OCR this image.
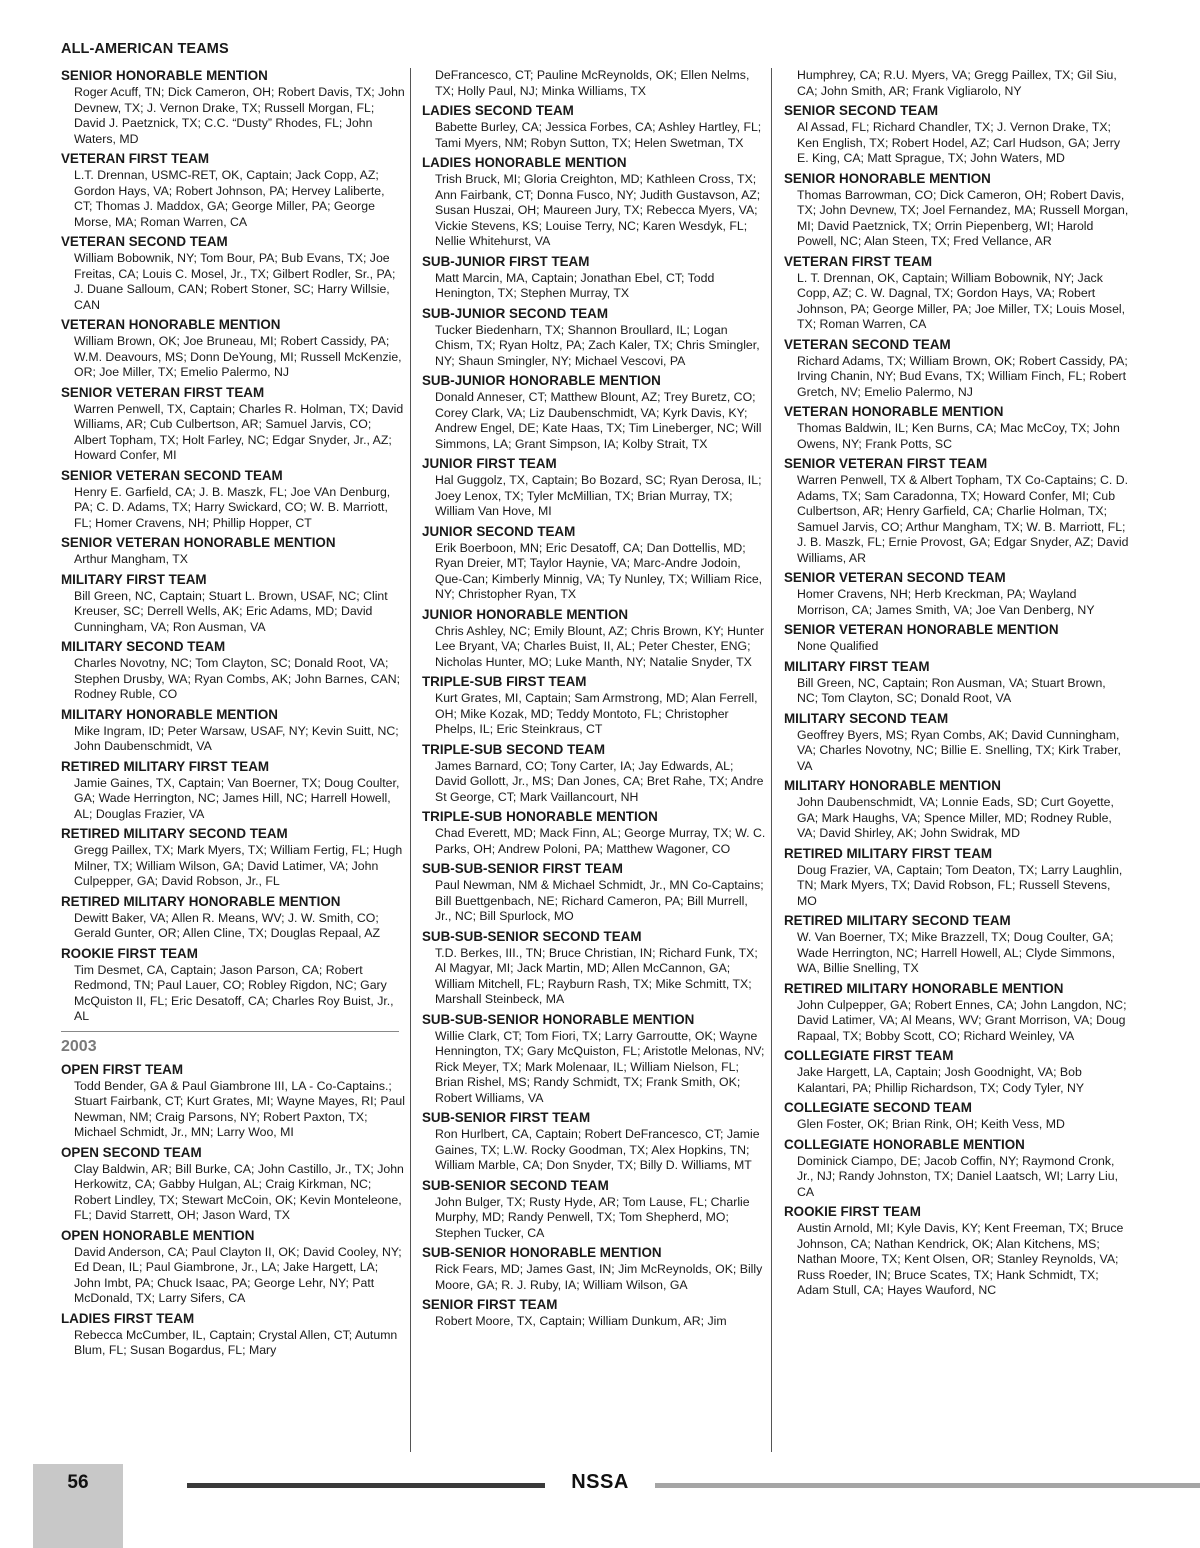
ALL-AMERICAN TEAMS
SENIOR HONORABLE MENTION
Roger Acuff, TN; Dick Cameron, OH; Robert Davis, TX; John Devnew, TX; J. Vernon Drake, TX; Russell Morgan, FL; David J. Paetznick, TX; C.C. “Dusty” Rhodes, FL; John Waters, MD
VETERAN FIRST TEAM
L.T. Drennan, USMC-RET, OK, Captain; Jack Copp, AZ; Gordon Hays, VA; Robert Johnson, PA; Hervey Laliberte, CT; Thomas J. Maddox, GA; George Miller, PA; George Morse, MA; Roman Warren, CA
VETERAN SECOND TEAM
William Bobownik, NY; Tom Bour, PA; Bub Evans, TX; Joe Freitas, CA; Louis C. Mosel, Jr., TX; Gilbert Rodler, Sr., PA; J. Duane Salloum, CAN; Robert Stoner, SC; Harry Willsie, CAN
VETERAN HONORABLE MENTION
William Brown, OK; Joe Bruneau, MI; Robert Cassidy, PA; W.M. Deavours, MS; Donn DeYoung, MI; Russell McKenzie, OR; Joe Miller, TX; Emelio Palermo, NJ
SENIOR VETERAN FIRST TEAM
Warren Penwell, TX, Captain; Charles R. Holman, TX; David Williams, AR; Cub Culbertson, AR; Samuel Jarvis, CO; Albert Topham, TX; Holt Farley, NC; Edgar Snyder, Jr., AZ; Howard Confer, MI
SENIOR VETERAN SECOND TEAM
Henry E. Garfield, CA; J. B. Maszk, FL; Joe VAn Denburg, PA; C. D. Adams, TX; Harry Swickard, CO; W. B. Marriott, FL; Homer Cravens, NH; Phillip Hopper, CT
SENIOR VETERAN HONORABLE MENTION
Arthur Mangham, TX
MILITARY FIRST TEAM
Bill Green, NC, Captain; Stuart L. Brown, USAF, NC; Clint Kreuser, SC; Derrell Wells, AK; Eric Adams, MD; David Cunningham, VA; Ron Ausman, VA
MILITARY SECOND TEAM
Charles Novotny, NC; Tom Clayton, SC; Donald Root, VA; Stephen Drusby, WA; Ryan Combs, AK; John Barnes, CAN; Rodney Ruble, CO
MILITARY HONORABLE MENTION
Mike Ingram, ID; Peter Warsaw, USAF, NY; Kevin Suitt, NC; John Daubenschmidt, VA
RETIRED MILITARY FIRST TEAM
Jamie Gaines, TX, Captain; Van Boerner, TX; Doug Coulter, GA; Wade Herrington, NC; James Hill, NC; Harrell Howell, AL; Douglas Frazier, VA
RETIRED MILITARY SECOND TEAM
Gregg Paillex, TX; Mark Myers, TX; William Fertig, FL; Hugh Milner, TX; William Wilson, GA; David Latimer, VA; John Culpepper, GA; David Robson, Jr., FL
RETIRED MILITARY HONORABLE MENTION
Dewitt Baker, VA; Allen R. Means, WV; J. W. Smith, CO; Gerald Gunter, OR; Allen Cline, TX; Douglas Repaal, AZ
ROOKIE FIRST TEAM
Tim Desmet, CA, Captain; Jason Parson, CA; Robert Redmond, TN; Paul Lauer, CO; Robley Rigdon, NC; Gary McQuiston II, FL; Eric Desatoff, CA; Charles Roy Buist, Jr., AL
2003
OPEN FIRST TEAM
Todd Bender, GA & Paul Giambrone III, LA - Co-Captains.; Stuart Fairbank, CT; Kurt Grates, MI; Wayne Mayes, RI; Paul Newman, NM; Craig Parsons, NY; Robert Paxton, TX; Michael Schmidt, Jr., MN; Larry Woo, MI
OPEN SECOND TEAM
Clay Baldwin, AR; Bill Burke, CA; John Castillo, Jr., TX; John Herkowitz, CA; Gabby Hulgan, AL; Craig Kirkman, NC; Robert Lindley, TX; Stewart McCoin, OK; Kevin Monteleone, FL; David Starrett, OH; Jason Ward, TX
OPEN HONORABLE MENTION
David Anderson, CA; Paul Clayton II, OK; David Cooley, NY; Ed Dean, IL; Paul Giambrone, Jr., LA; Jake Hargett, LA; John Imbt, PA; Chuck Isaac, PA; George Lehr, NY; Patt McDonald, TX; Larry Sifers, CA
LADIES FIRST TEAM
Rebecca McCumber, IL, Captain; Crystal Allen, CT; Autumn Blum, FL; Susan Bogardus, FL; Mary
DeFrancesco, CT; Pauline McReynolds, OK; Ellen Nelms, TX; Holly Paul, NJ; Minka Williams, TX
LADIES SECOND TEAM
Babette Burley, CA; Jessica Forbes, CA; Ashley Hartley, FL; Tami Myers, NM; Robyn Sutton, TX; Helen Swetman, TX
LADIES HONORABLE MENTION
Trish Bruck, MI; Gloria Creighton, MD; Kathleen Cross, TX; Ann Fairbank, CT; Donna Fusco, NY; Judith Gustavson, AZ; Susan Huszai, OH; Maureen Jury, TX; Rebecca Myers, VA; Vickie Stevens, KS; Louise Terry, NC; Karen Wesdyk, FL; Nellie Whitehurst, VA
SUB-JUNIOR FIRST TEAM
Matt Marcin, MA, Captain; Jonathan Ebel, CT; Todd Henington, TX; Stephen Murray, TX
SUB-JUNIOR SECOND TEAM
Tucker Biedenharn, TX; Shannon Broullard, IL; Logan Chism, TX; Ryan Holtz, PA; Zach Kaler, TX; Chris Smingler, NY; Shaun Smingler, NY; Michael Vescovi, PA
SUB-JUNIOR HONORABLE MENTION
Donald Anneser, CT; Matthew Blount, AZ; Trey Buretz, CO; Corey Clark, VA; Liz Daubenschmidt, VA; Kyrk Davis, KY; Andrew Engel, DE; Kate Haas, TX; Tim Lineberger, NC; Will Simmons, LA; Grant Simpson, IA; Kolby Strait, TX
JUNIOR FIRST TEAM
Hal Guggolz, TX, Captain; Bo Bozard, SC; Ryan Derosa, IL; Joey Lenox, TX; Tyler McMillian, TX; Brian Murray, TX; William Van Hove, MI
JUNIOR SECOND TEAM
Erik Boerboon, MN; Eric Desatoff, CA; Dan Dottellis, MD; Ryan Dreier, MT; Taylor Haynie, VA; Marc-Andre Jodoin, Que-Can; Kimberly Minnig, VA; Ty Nunley, TX; William Rice, NY; Christopher Ryan, TX
JUNIOR HONORABLE MENTION
Chris Ashley, NC; Emily Blount, AZ; Chris Brown, KY; Hunter Lee Bryant, VA; Charles Buist, II, AL; Peter Chester, ENG; Nicholas Hunter, MO; Luke Manth, NY; Natalie Snyder, TX
TRIPLE-SUB FIRST TEAM
Kurt Grates, MI, Captain; Sam Armstrong, MD; Alan Ferrell, OH; Mike Kozak, MD; Teddy Montoto, FL; Christopher Phelps, IL; Eric Steinkraus, CT
TRIPLE-SUB SECOND TEAM
James Barnard, CO; Tony Carter, IA; Jay Edwards, AL; David Gollott, Jr., MS; Dan Jones, CA; Bret Rahe, TX; Andre St George, CT; Mark Vaillancourt, NH
TRIPLE-SUB HONORABLE MENTION
Chad Everett, MD; Mack Finn, AL; George Murray, TX; W. C. Parks, OH; Andrew Poloni, PA; Matthew Wagoner, CO
SUB-SUB-SENIOR FIRST TEAM
Paul Newman, NM & Michael Schmidt, Jr., MN Co-Captains; Bill Buettgenbach, NE; Richard Cameron, PA; Bill Murrell, Jr., NC; Bill Spurlock, MO
SUB-SUB-SENIOR SECOND TEAM
T.D. Berkes, III., TN; Bruce Christian, IN; Richard Funk, TX; Al Magyar, MI; Jack Martin, MD; Allen McCannon, GA; William Mitchell, FL; Rayburn Rash, TX; Mike Schmitt, TX; Marshall Steinbeck, MA
SUB-SUB-SENIOR HONORABLE MENTION
Willie Clark, CT; Tom Fiori, TX; Larry Garroutte, OK; Wayne Hennington, TX; Gary McQuiston, FL; Aristotle Melonas, NV; Rick Meyer, TX; Mark Molenaar, IL; William Nielson, FL; Brian Rishel, MS; Randy Schmidt, TX; Frank Smith, OK; Robert Williams, VA
SUB-SENIOR FIRST TEAM
Ron Hurlbert, CA, Captain; Robert DeFrancesco, CT; Jamie Gaines, TX; L.W. Rocky Goodman, TX; Alex Hopkins, TN; William Marble, CA; Don Snyder, TX; Billy D. Williams, MT
SUB-SENIOR SECOND TEAM
John Bulger, TX; Rusty Hyde, AR; Tom Lause, FL; Charlie Murphy, MD; Randy Penwell, TX; Tom Shepherd, MO; Stephen Tucker, CA
SUB-SENIOR HONORABLE MENTION
Rick Fears, MD; James Gast, IN; Jim McReynolds, OK; Billy Moore, GA; R. J. Ruby, IA; William Wilson, GA
SENIOR FIRST TEAM
Robert Moore, TX, Captain; William Dunkum, AR; Jim
Humphrey, CA; R.U. Myers, VA; Gregg Paillex, TX; Gil Siu, CA; John Smith, AR; Frank Vigliarolo, NY
SENIOR SECOND TEAM
Al Assad, FL; Richard Chandler, TX; J. Vernon Drake, TX; Ken English, TX; Robert Hodel, AZ; Carl Hudson, GA; Jerry E. King, CA; Matt Sprague, TX; John Waters, MD
SENIOR HONORABLE MENTION
Thomas Barrowman, CO; Dick Cameron, OH; Robert Davis, TX; John Devnew, TX; Joel Fernandez, MA; Russell Morgan, MI; David Paetznick, TX; Orrin Piepenberg, WI; Harold Powell, NC; Alan Steen, TX; Fred Vellance, AR
VETERAN FIRST TEAM
L. T. Drennan, OK, Captain; William Bobownik, NY; Jack Copp, AZ; C. W. Dagnal, TX; Gordon Hays, VA; Robert Johnson, PA; George Miller, PA; Joe Miller, TX; Louis Mosel, TX; Roman Warren, CA
VETERAN SECOND TEAM
Richard Adams, TX; William Brown, OK; Robert Cassidy, PA; Irving Chanin, NY; Bud Evans, TX; William Finch, FL; Robert Gretch, NV; Emelio Palermo, NJ
VETERAN HONORABLE MENTION
Thomas Baldwin, IL; Ken Burns, CA; Mac McCoy, TX; John Owens, NY; Frank Potts, SC
SENIOR VETERAN FIRST TEAM
Warren Penwell, TX & Albert Topham, TX Co-Captains; C. D. Adams, TX; Sam Caradonna, TX; Howard Confer, MI; Cub Culbertson, AR; Henry Garfield, CA; Charlie Holman, TX; Samuel Jarvis, CO; Arthur Mangham, TX; W. B. Marriott, FL; J. B. Maszk, FL; Ernie Provost, GA; Edgar Snyder, AZ; David Williams, AR
SENIOR VETERAN SECOND TEAM
Homer Cravens, NH; Herb Kreckman, PA; Wayland Morrison, CA; James Smith, VA; Joe Van Denberg, NY
SENIOR VETERAN HONORABLE MENTION
None Qualified
MILITARY FIRST TEAM
Bill Green, NC, Captain; Ron Ausman, VA; Stuart Brown, NC; Tom Clayton, SC; Donald Root, VA
MILITARY SECOND TEAM
Geoffrey Byers, MS; Ryan Combs, AK; David Cunningham, VA; Charles Novotny, NC; Billie E. Snelling, TX; Kirk Traber, VA
MILITARY HONORABLE MENTION
John Daubenschmidt, VA; Lonnie Eads, SD; Curt Goyette, GA; Mark Haughs, VA; Spence Miller, MD; Rodney Ruble, VA; David Shirley, AK; John Swidrak, MD
RETIRED MILITARY FIRST TEAM
Doug Frazier, VA, Captain; Tom Deaton, TX; Larry Laughlin, TN; Mark Myers, TX; David Robson, FL; Russell Stevens, MO
RETIRED MILITARY SECOND TEAM
W. Van Boerner, TX; Mike Brazzell, TX; Doug Coulter, GA; Wade Herrington, NC; Harrell Howell, AL; Clyde Simmons, WA, Billie Snelling, TX
RETIRED MILITARY HONORABLE MENTION
John Culpepper, GA; Robert Ennes, CA; John Langdon, NC; David Latimer, VA; Al Means, WV; Grant Morrison, VA; Doug Rapaal, TX; Bobby Scott, CO; Richard Weinley, VA
COLLEGIATE FIRST TEAM
Jake Hargett, LA, Captain; Josh Goodnight, VA; Bob Kalantari, PA; Phillip Richardson, TX; Cody Tyler, NY
COLLEGIATE SECOND TEAM
Glen Foster, OK; Brian Rink, OH; Keith Vess, MD
COLLEGIATE HONORABLE MENTION
Dominick Ciampo, DE; Jacob Coffin, NY; Raymond Cronk, Jr., NJ; Randy Johnston, TX; Daniel Laatsch, WI; Larry Liu, CA
ROOKIE FIRST TEAM
Austin Arnold, MI; Kyle Davis, KY; Kent Freeman, TX; Bruce Johnson, CA; Nathan Kendrick, OK; Alan Kitchens, MS; Nathan Moore, TX; Kent Olsen, OR; Stanley Reynolds, VA; Russ Roeder, IN; Bruce Scates, TX; Hank Schmidt, TX; Adam Stull, CA; Hayes Wauford, NC
56	NSSA
